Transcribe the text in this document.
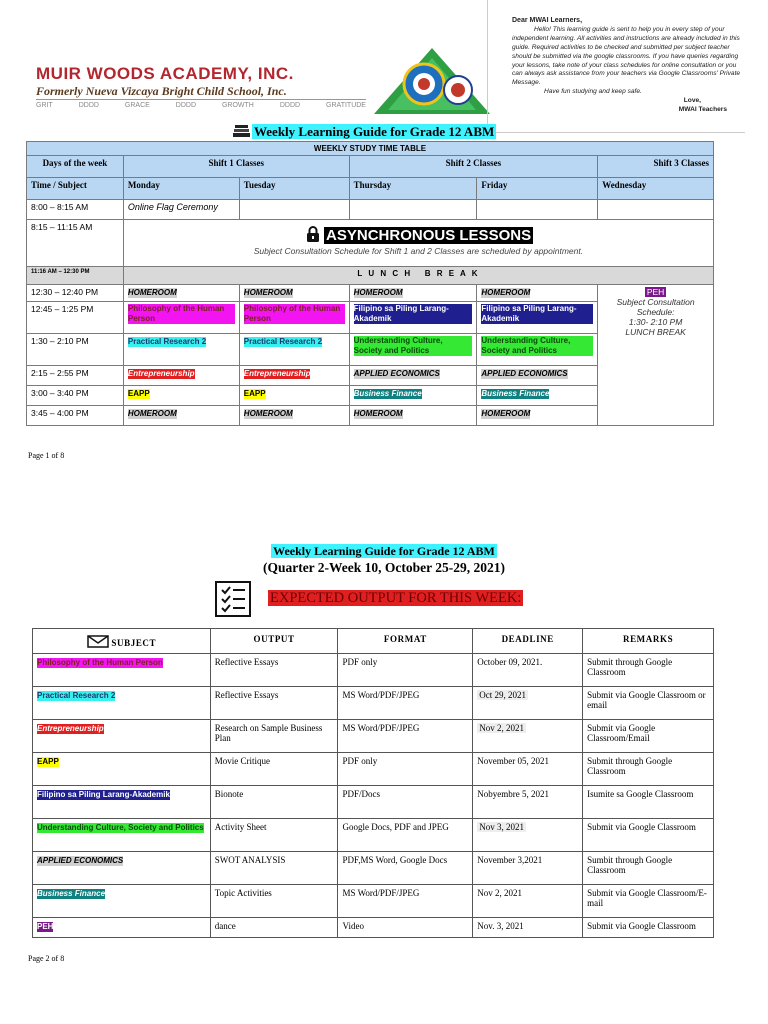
MUIR WOODS ACADEMY, INC.
Formerly Nueva Vizcaya Bright Child School, Inc.
GRIT	DDDD	GRACE	DDDD	GROWTH	DDDD	GRATITUDE
Dear MWAI Learners,
Hello! This learning guide is sent to help you in every step of your independent learning. All activities and instructions are already included in this guide. Required activities to be checked and submitted per subject teacher should be submitted via the google classrooms. If you have queries regarding your lessons, take note of your class schedules for online consultation or you can always ask assistance from your teachers via Google Classrooms' Private Message.
Have fun studying and keep safe.
Love,
MWAI Teachers
Weekly Learning Guide for Grade 12 ABM
WEEKLY STUDY TIME TABLE					
Days of the week	Shift 1 Classes		Shift 2 Classes		Shift 3 Classes
Time / Subject	Monday	Tuesday	Thursday	Friday	Wednesday
8:00 – 8:15 AM	Online Flag Ceremony				
8:15 – 11:15 AM	ASYNCHRONOUS LESSONS
Subject Consultation Schedule for Shift 1 and 2 Classes are scheduled by appointment.				

11:16 AM – 12:30 PM	L U N C H   B R E A K				
12:30 – 12:40 PM	HOMEROOM	HOMEROOM	HOMEROOM	HOMEROOM	PEH
Subject Consultation Schedule:
1:30- 2:10 PM
LUNCH BREAK

12:45 – 1:25 PM	Philosophy of the Human Person	Philosophy of the Human Person	Filipino sa Piling Larang-Akademik	Filipino sa Piling Larang-Akademik	
1:30 – 2:10 PM	Practical Research 2	Practical Research 2	Understanding Culture, Society and Politics	Understanding Culture, Society and Politics	
2:15 – 2:55 PM	Entrepreneurship	Entrepreneurship	APPLIED ECONOMICS	APPLIED ECONOMICS	
3:00 – 3:40 PM	EAPP	EAPP	Business Finance	Business Finance	
3:45 – 4:00 PM	HOMEROOM	HOMEROOM	HOMEROOM	HOMEROOM	
Page 1 of 8
Weekly Learning Guide for Grade 12 ABM
(Quarter 2-Week 10, October 25-29, 2021)
EXPECTED OUTPUT FOR THIS WEEK:
SUBJECT	OUTPUT	FORMAT	DEADLINE	REMARKS
Philosophy of the Human Person	Reflective Essays	PDF only	October 09, 2021.	Submit through Google Classroom
Practical Research 2	Reflective Essays	MS Word/PDF/JPEG	Oct 29, 2021	Submit via Google Classroom or email
Entrepreneurship	Research on Sample Business Plan	MS Word/PDF/JPEG	Nov 2, 2021	Submit via Google Classroom/Email
EAPP	Movie Critique	PDF only	November 05, 2021	Submit through Google Classroom
Filipino sa Piling Larang-Akademik	Bionote	PDF/Docs	Nobyembre 5, 2021	Isumite sa Google Classroom
Understanding Culture, Society and Politics	Activity Sheet	Google Docs, PDF and JPEG	Nov 3, 2021	Submit via Google Classroom
APPLIED ECONOMICS	SWOT ANALYSIS	PDF,MS Word, Google Docs	November 3,2021	Sumbit through Google Classroom
Business Finance	Topic Activities	MS Word/PDF/JPEG	Nov 2, 2021	Submit via Google Classroom/E-mail
PEH	dance	Video	Nov. 3, 2021	Submit via Google Classroom
Page 2 of 8
